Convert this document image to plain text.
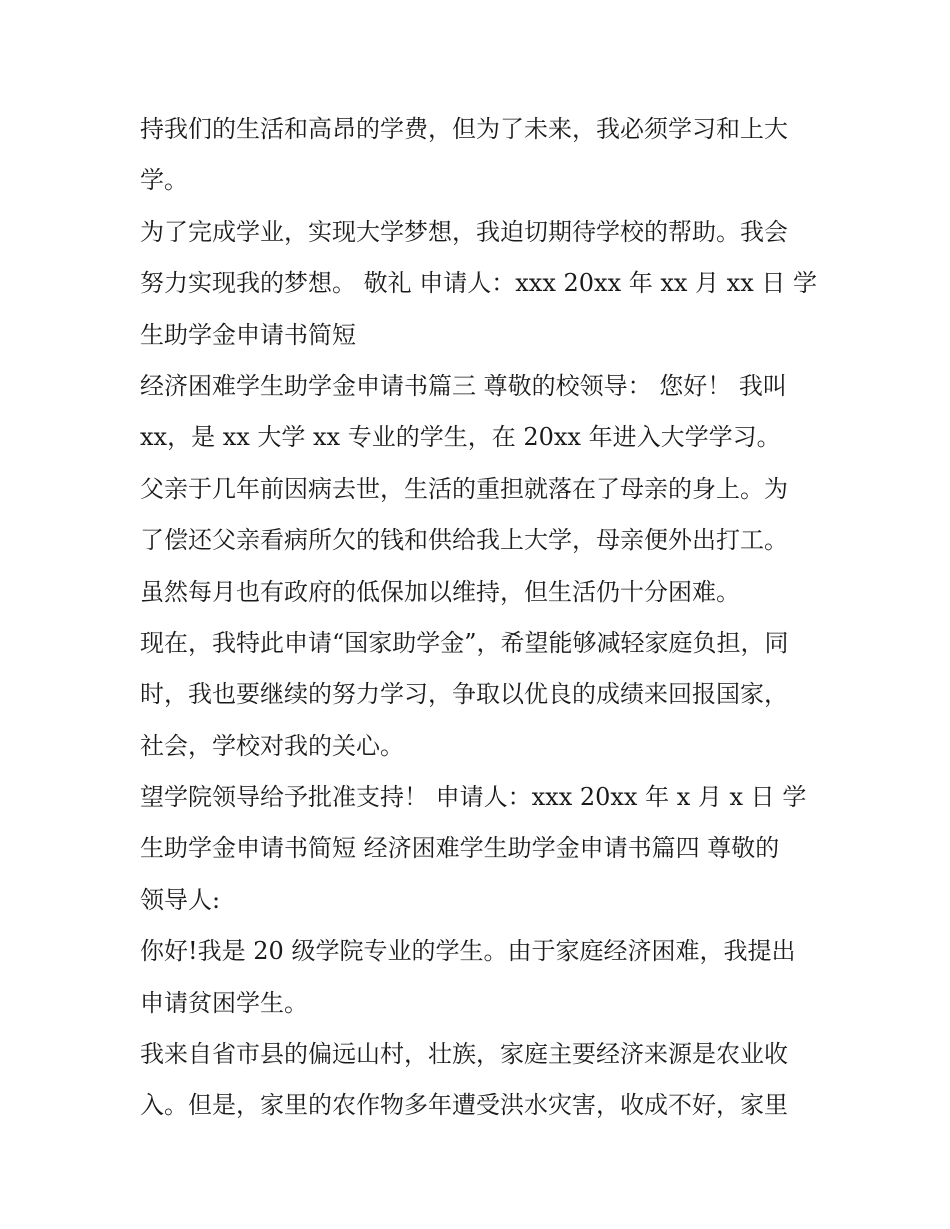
持我们的生活和高昂的学费，但为了未来，我必须学习和上大
学。
为了完成学业，实现大学梦想，我迫切期待学校的帮助。我会
努力实现我的梦想。 敬礼 申请人：xxx 20xx 年 xx 月 xx 日 学
生助学金申请书简短
经济困难学生助学金申请书篇三 尊敬的校领导： 您好！ 我叫
xx，是 xx 大学 xx 专业的学生，在 20xx 年进入大学学习。
父亲于几年前因病去世，生活的重担就落在了母亲的身上。为
了偿还父亲看病所欠的钱和供给我上大学，母亲便外出打工。
虽然每月也有政府的低保加以维持，但生活仍十分困难。
现在，我特此申请“国家助学金”，希望能够减轻家庭负担，同
时，我也要继续的努力学习，争取以优良的成绩来回报国家，
社会，学校对我的关心。
望学院领导给予批准支持！ 申请人：xxx 20xx 年 x 月 x 日 学
生助学金申请书简短 经济困难学生助学金申请书篇四 尊敬的
领导人:
你好!我是 20 级学院专业的学生。由于家庭经济困难，我提出
申请贫困学生。
我来自省市县的偏远山村，壮族，家庭主要经济来源是农业收
入。但是，家里的农作物多年遭受洪水灾害，收成不好，家里
